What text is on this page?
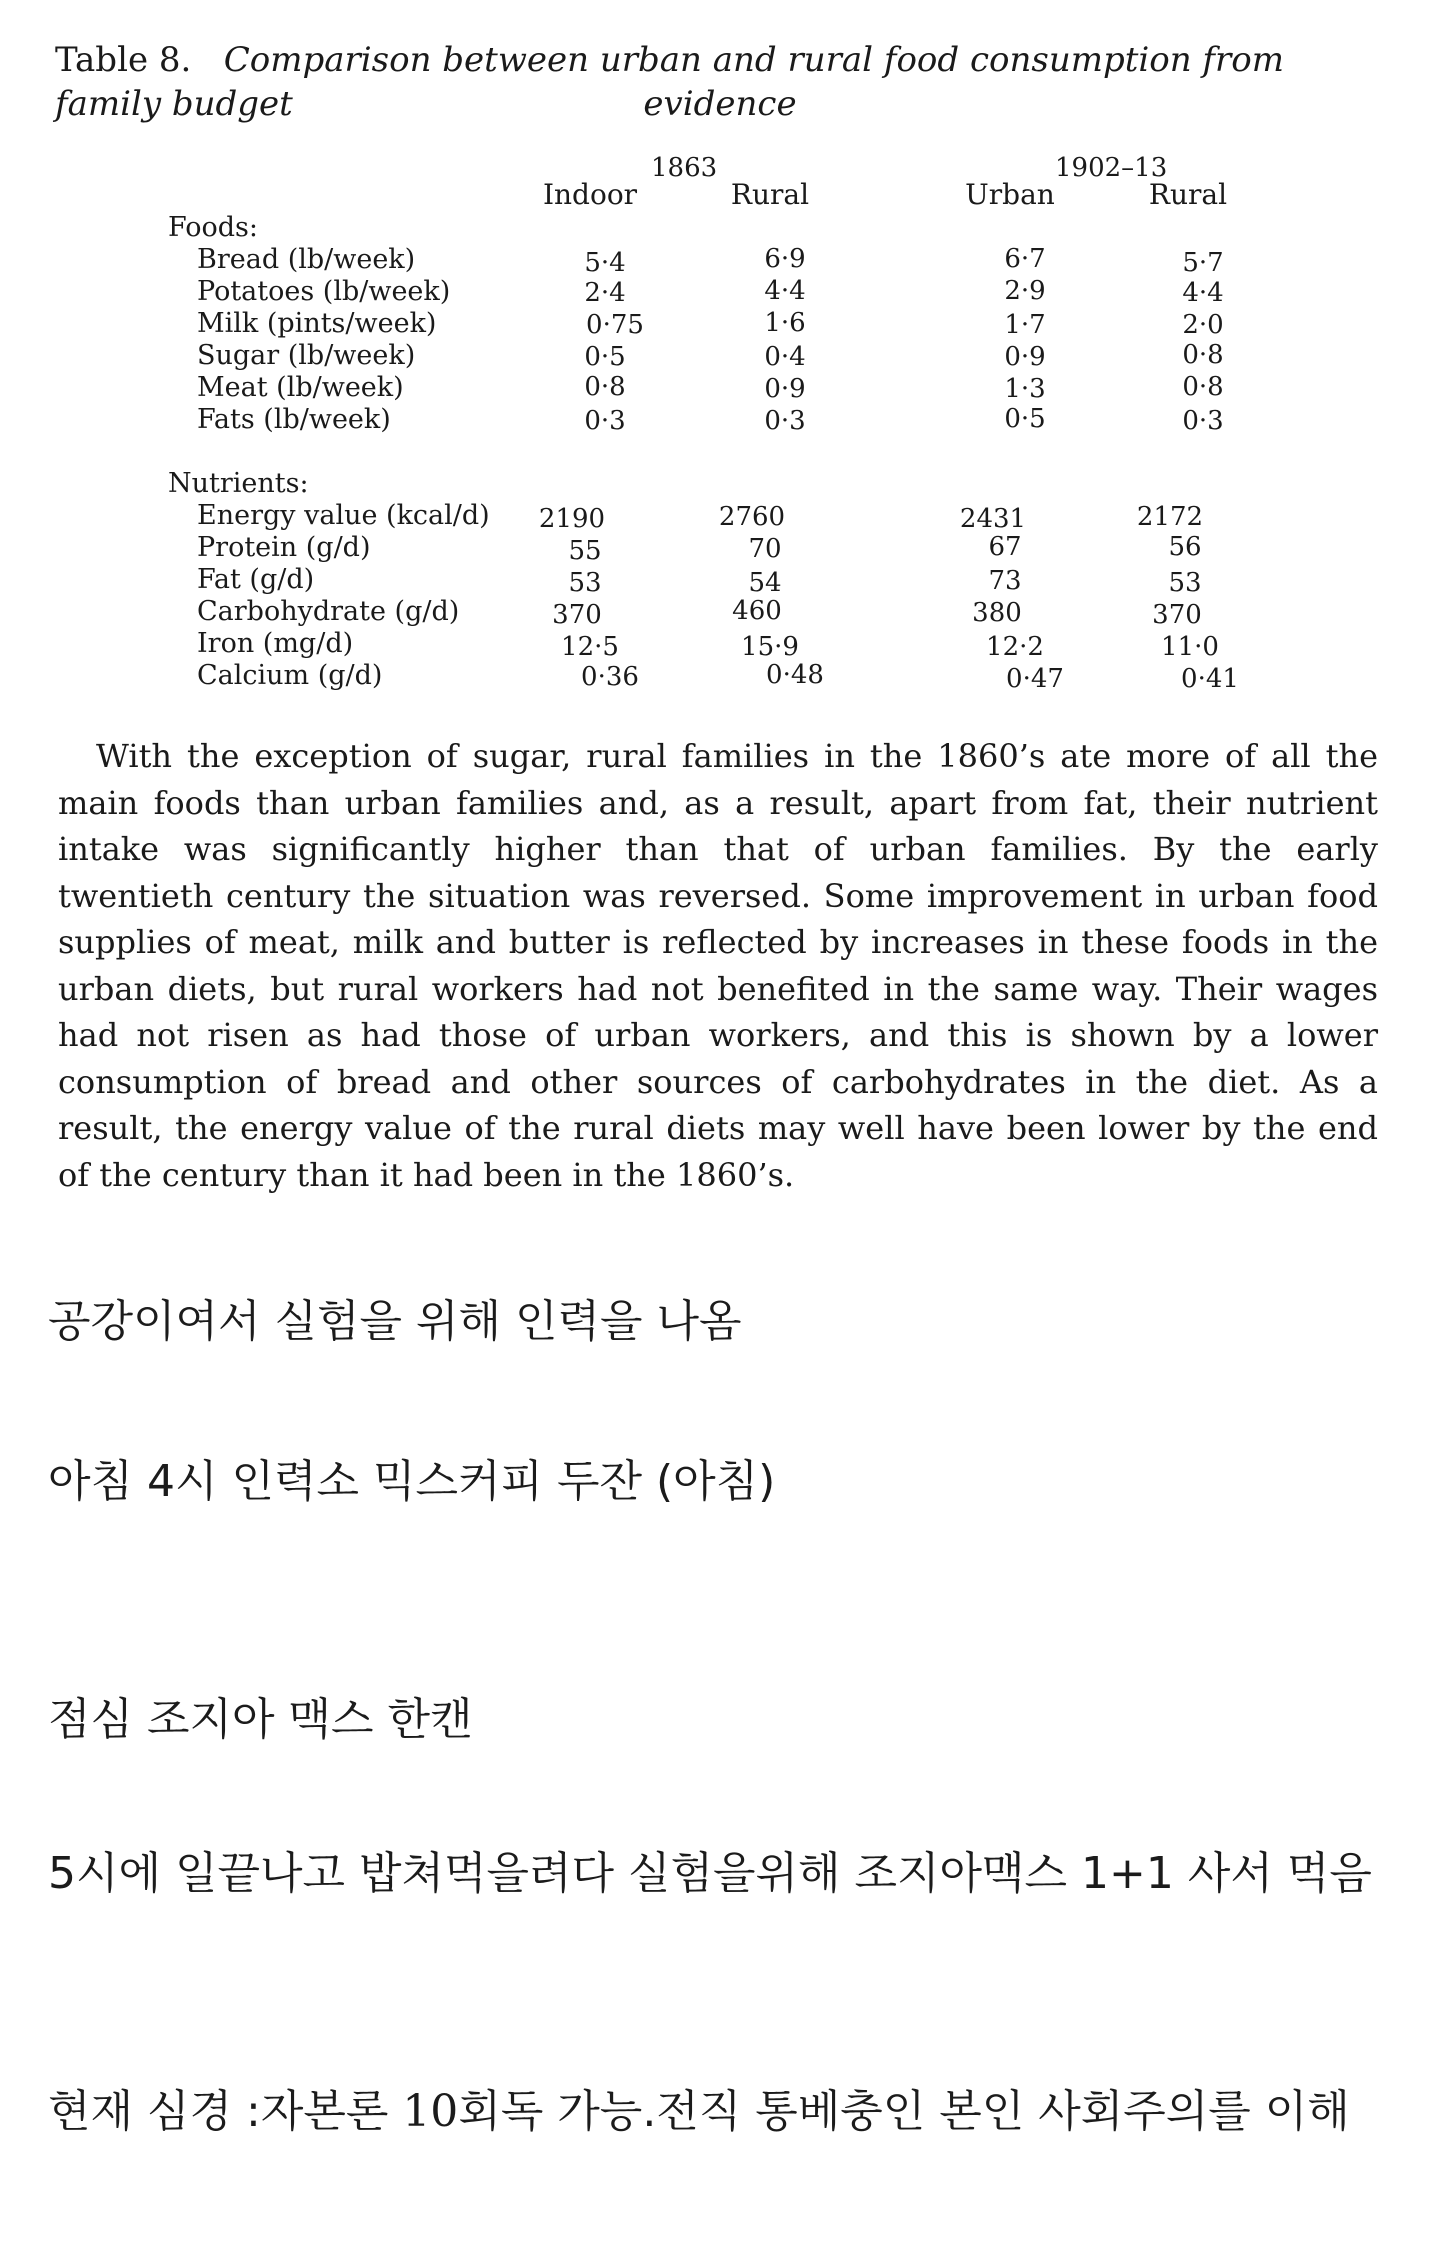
Table 8. Comparison between urban and rural food consumption from family budget	evidence
1863	1902–13
Indoor	Rural	Urban	Rural
Foods:
Bread (lb/week)	5·4	6·9	6·7	5·7
Potatoes (lb/week)	2·4	4·4	2·9	4·4
Milk (pints/week)	0·75	1·6	1·7	2·0
Sugar (lb/week)	0·5	0·4	0·9	0·8
Meat (lb/week)	0·8	0·9	1·3	0·8
Fats (lb/week)	0·3	0·3	0·5	0·3
Nutrients:
Energy value (kcal/d)	2190	2760	2431	2172
Protein (g/d)	55	70	67	56
Fat (g/d)	53	54	73	53
Carbohydrate (g/d)	370	460	380	370
Iron (mg/d)	12·5	15·9	12·2	11·0
Calcium (g/d)	0·36	0·48	0·47	0·41
With the exception of sugar, rural families in the 1860’s ate more of all the main foods than urban families and, as a result, apart from fat, their nutrient intake was significantly higher than that of urban families. By the early twentieth century the situation was reversed. Some improvement in urban food supplies of meat, milk and butter is reflected by increases in these foods in the urban diets, but rural workers had not benefited in the same way. Their wages had not risen as had those of urban workers, and this is shown by a lower consumption of bread and other sources of carbohydrates in the diet. As a result, the energy value of the rural diets may well have been lower by the end of the century than it had been in the 1860’s.
공강이여서 실험을 위해 인력을 나옴
아침 4시 인력소 믹스커피 두잔 (아침)
점심 조지아 맥스 한캔
5시에 일끝나고 밥쳐먹을려다 실험을위해 조지아맥스 1+1 사서 먹음
현재 심경 :자본론 10회독 가능.전직 통베충인 본인 사회주의를 이해
